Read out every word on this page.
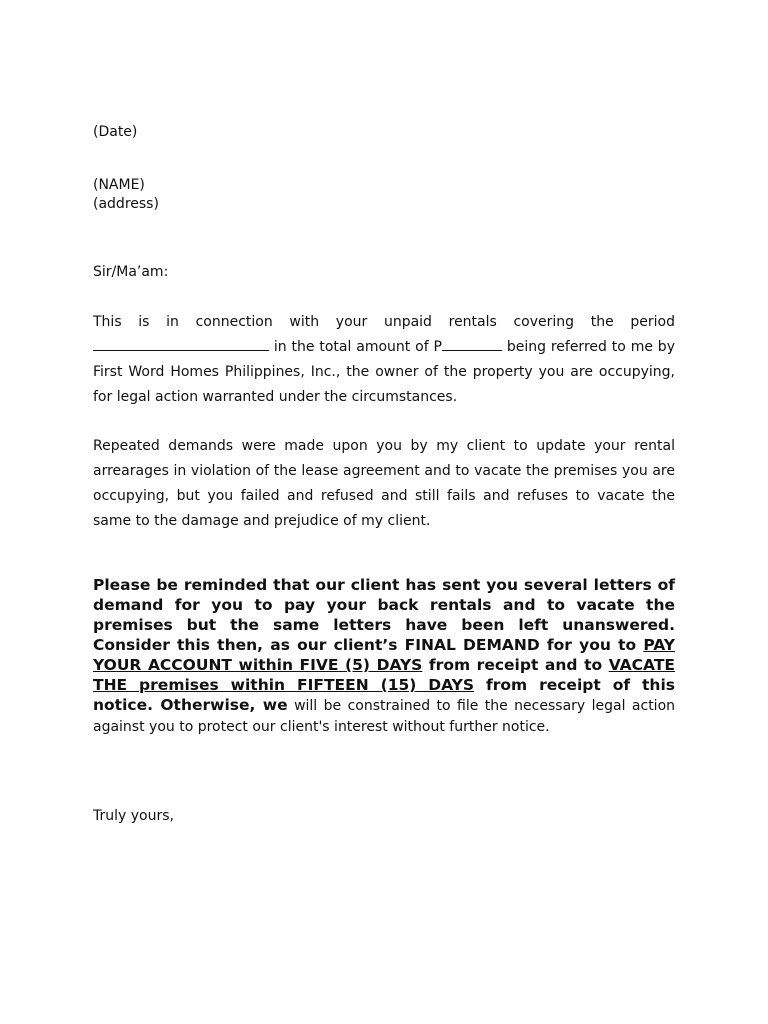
(Date)
(NAME)
(address)
Sir/Ma’am:

This is in connection with your unpaid rentals covering the period  in the total amount of P	being referred to me by First Word Homes Philippines, Inc., the owner of the property you are occupying, for legal action warranted under the circumstances.

Repeated demands were made upon you by my client to update your rental arrearages in violation of the lease agreement and to vacate the premises you are occupying, but you failed and refused and still fails and refuses to vacate the same to the damage and prejudice of my client.

Please be reminded that our client has sent you several letters of demand for you to pay your back rentals and to vacate the premises but the same letters have been left unanswered. Consider this then, as our client’s FINAL DEMAND for you to PAY YOUR ACCOUNT within FIVE (5) DAYS from receipt and to VACATE THE premises within FIFTEEN (15) DAYS from receipt of this notice. Otherwise, we will be constrained to file the necessary legal action against you to protect our client's interest without further notice.
Truly yours,
